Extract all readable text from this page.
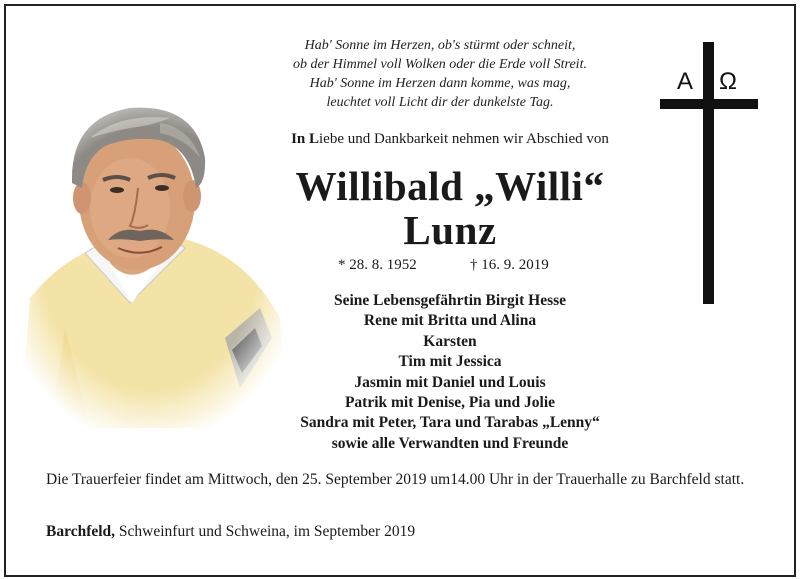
Hab' Sonne im Herzen, ob's stürmt oder schneit,
ob der Himmel voll Wolken oder die Erde voll Streit.
Hab' Sonne im Herzen dann komme, was mag,
leuchtet voll Licht dir der dunkelste Tag.
In Liebe und Dankbarkeit nehmen wir Abschied von
Willibald „Willi“
Lunz
* 28. 8. 1952	† 16. 9. 2019
Α Ω
Seine Lebensgefährtin Birgit Hesse
Rene mit Britta und Alina
Karsten
Tim mit Jessica
Jasmin mit Daniel und Louis
Patrik mit Denise, Pia und Jolie
Sandra mit Peter, Tara und Tarabas „Lenny“
sowie alle Verwandten und Freunde
Die Trauerfeier findet am Mittwoch, den 25. September 2019 um14.00 Uhr in der Trauerhalle zu Barchfeld statt.
Barchfeld, Schweinfurt und Schweina, im September 2019
